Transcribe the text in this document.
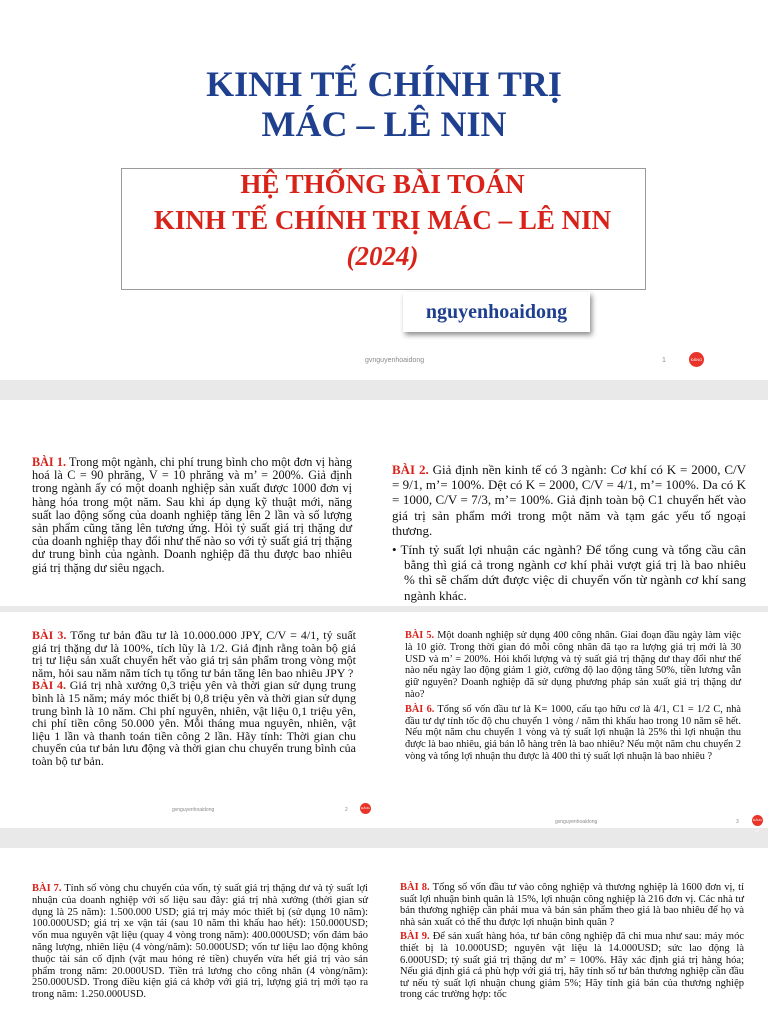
KINH TẾ CHÍNH TRỊ
MÁC – LÊ NIN
HỆ THỐNG BÀI TOÁN
KINH TẾ CHÍNH TRỊ MÁC – LÊ NIN
(2024)
nguyenhoaidong
gvnguyenhoaidong	1	ĐĂNG KÝ

BÀI 1. Trong một ngành, chi phí trung bình cho một đơn vị hàng hoá là C = 90 phrăng, V = 10 phrăng và m’ = 200%. Giả định trong ngành ấy có một doanh nghiệp sản xuất được 1000 đơn vị hàng hóa trong một năm. Sau khi áp dụng kỹ thuật mới, năng suất lao động sống của doanh nghiệp tăng lên 2 lần và số lượng sản phẩm cũng tăng lên tương ứng. Hỏi tỷ suất giá trị thặng dư của doanh nghiệp thay đổi như thế nào so với tỷ suất giá trị thặng dư trung bình của ngành. Doanh nghiệp đã thu được bao nhiêu giá trị thặng dư siêu ngạch.

BÀI 2. Giả định nền kinh tế có 3 ngành: Cơ khí có K = 2000, C/V = 9/1, m’= 100%. Dệt có K = 2000, C/V = 4/1, m’= 100%. Da có K = 1000, C/V = 7/3, m’= 100%. Giả định toàn bộ C1 chuyển hết vào giá trị sản phẩm mới trong một năm và tạm gác yếu tố ngoại thương.

• Tính tỷ suất lợi nhuận các ngành? Để tổng cung và tổng cầu cân bằng thì giá cả trong ngành cơ khí phải vượt giá trị là bao nhiêu % thì sẽ chấm dứt được việc di chuyển vốn từ ngành cơ khí sang ngành khác.

BÀI 3. Tổng tư bản đầu tư là 10.000.000 JPY, C/V = 4/1, tỷ suất giá trị thặng dư là 100%, tích lũy là 1/2. Giả định rằng toàn bộ giá trị tư liệu sản xuất chuyển hết vào giá trị sản phẩm trong vòng một năm, hỏi sau năm năm tích tụ tổng tư bản tăng lên bao nhiêu JPY ?

BÀI 4. Giá trị nhà xưởng 0,3 triệu yên và thời gian sử dụng trung bình là 15 năm; máy móc thiết bị 0,8 triệu yên và thời gian sử dụng trung bình là 10 năm. Chi phí nguyên, nhiên, vật liệu 0,1 triệu yên, chi phí tiền công 50.000 yên. Mỗi tháng mua nguyên, nhiên, vật liệu 1 lần và thanh toán tiền công 2 lần. Hãy tính: Thời gian chu chuyển của tư bản lưu động và thời gian chu chuyển trung bình của toàn bộ tư bản.

BÀI 5. Một doanh nghiệp sử dụng 400 công nhân. Giai đoạn đầu ngày làm việc là 10 giờ. Trong thời gian đó mỗi công nhân đã tạo ra lượng giá trị mới là 30 USD và m’ = 200%. Hỏi khối lượng và tỷ suất giá trị thặng dư thay đổi như thế nào nếu ngày lao động giảm 1 giờ, cường độ lao động tăng 50%, tiền lương vẫn giữ nguyên? Doanh nghiệp đã sử dụng phương pháp sản xuất giá trị thặng dư nào?

BÀI 6. Tổng số vốn đầu tư là K= 1000, cấu tạo hữu cơ là 4/1, C1 = 1/2 C, nhà đầu tư dự tính tốc độ chu chuyển 1 vòng / năm thì khấu hao trong 10 năm sẽ hết. Nếu một năm chu chuyển 1 vòng và tỷ suất lợi nhuận là 25% thì lợi nhuận thu được là bao nhiêu, giá bán lỗ hàng trên là bao nhiêu? Nếu một năm chu chuyển 2 vòng và tổng lợi nhuận thu được là 400 thì tỷ suất lợi nhuận là bao nhiêu ?

gvnguyenhoaidong	2	ĐĂNG KÝ	gvnguyenhoaidong	3	ĐĂNG KÝ

BÀI 7. Tính số vòng chu chuyển của vốn, tỷ suất giá trị thặng dư và tỷ suất lợi nhuận của doanh nghiệp với số liệu sau đây: giá trị nhà xưởng (thời gian sử dụng là 25 năm): 1.500.000 USD; giá trị máy móc thiết bị (sử dụng 10 năm): 100.000USD; giá trị xe vận tải (sau 10 năm thì khấu hao hết): 150.000USD; vốn mua nguyên vật liệu (quay 4 vòng trong năm): 400.000USD; vốn đảm bảo năng lượng, nhiên liệu (4 vòng/năm): 50.000USD; vốn tư liệu lao động không thuộc tài sản cố định (vật mau hỏng rẻ tiền) chuyển vừa hết giá trị vào sản phẩm trong năm: 20.000USD. Tiền trả lương cho công nhân (4 vòng/năm): 250.000USD. Trong điều kiện giá cả khớp với giá trị, lượng giá trị mới tạo ra trong năm: 1.250.000USD.

BÀI 8. Tổng số vốn đầu tư vào công nghiệp và thương nghiệp là 1600 đơn vị, tỉ suất lợi nhuận bình quân là 15%, lợi nhuận công nghiệp là 216 đơn vị. Các nhà tư bản thương nghiệp cần phải mua và bán sản phẩm theo giá là bao nhiêu để họ và nhà sản xuất có thể thu được lợi nhuận bình quân ?

BÀI 9. Để sản xuất hàng hóa, tư bản công nghiệp đã chi mua như sau: máy móc thiết bị là 10.000USD; nguyên vật liệu là 14.000USD; sức lao động là 6.000USD; tỷ suất giá trị thặng dư m’ = 100%. Hãy xác định giá trị hàng hóa; Nếu giá định giá cả phù hợp với giá trị, hãy tính số tư bản thương nghiệp cần đầu tư nếu tỷ suất lợi nhuận chung giảm 5%; Hãy tính giá bán của thương nghiệp trong các trường hợp: tốc
